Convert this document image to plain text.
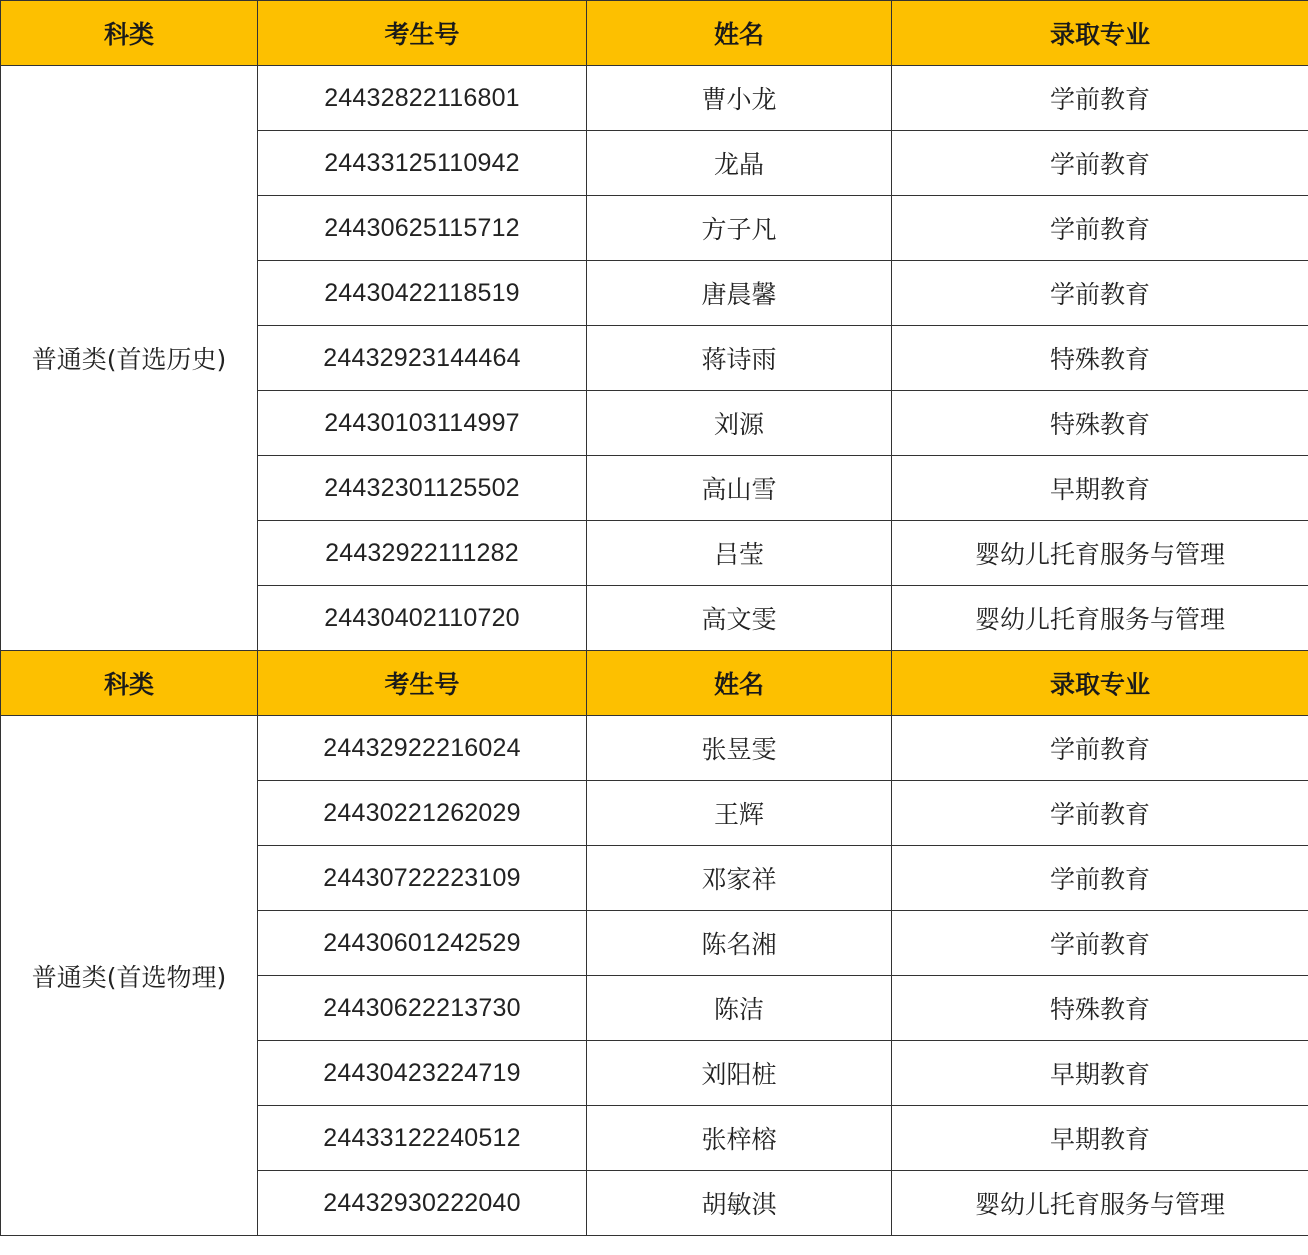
科类	考生号	姓名	录取专业
普通类(首选历史)	24432822116801	曹小龙	学前教育
	24433125110942	龙晶	学前教育
	24430625115712	方子凡	学前教育
	24430422118519	唐晨馨	学前教育
	24432923144464	蒋诗雨	特殊教育
	24430103114997	刘源	特殊教育
	24432301125502	高山雪	早期教育
	24432922111282	吕莹	婴幼儿托育服务与管理
	24430402110720	高文雯	婴幼儿托育服务与管理
科类	考生号	姓名	录取专业
普通类(首选物理)	24432922216024	张昱雯	学前教育
	24430221262029	王辉	学前教育
	24430722223109	邓家祥	学前教育
	24430601242529	陈名湘	学前教育
	24430622213730	陈洁	特殊教育
	24430423224719	刘阳桩	早期教育
	24433122240512	张梓榕	早期教育
	24432930222040	胡敏淇	婴幼儿托育服务与管理
